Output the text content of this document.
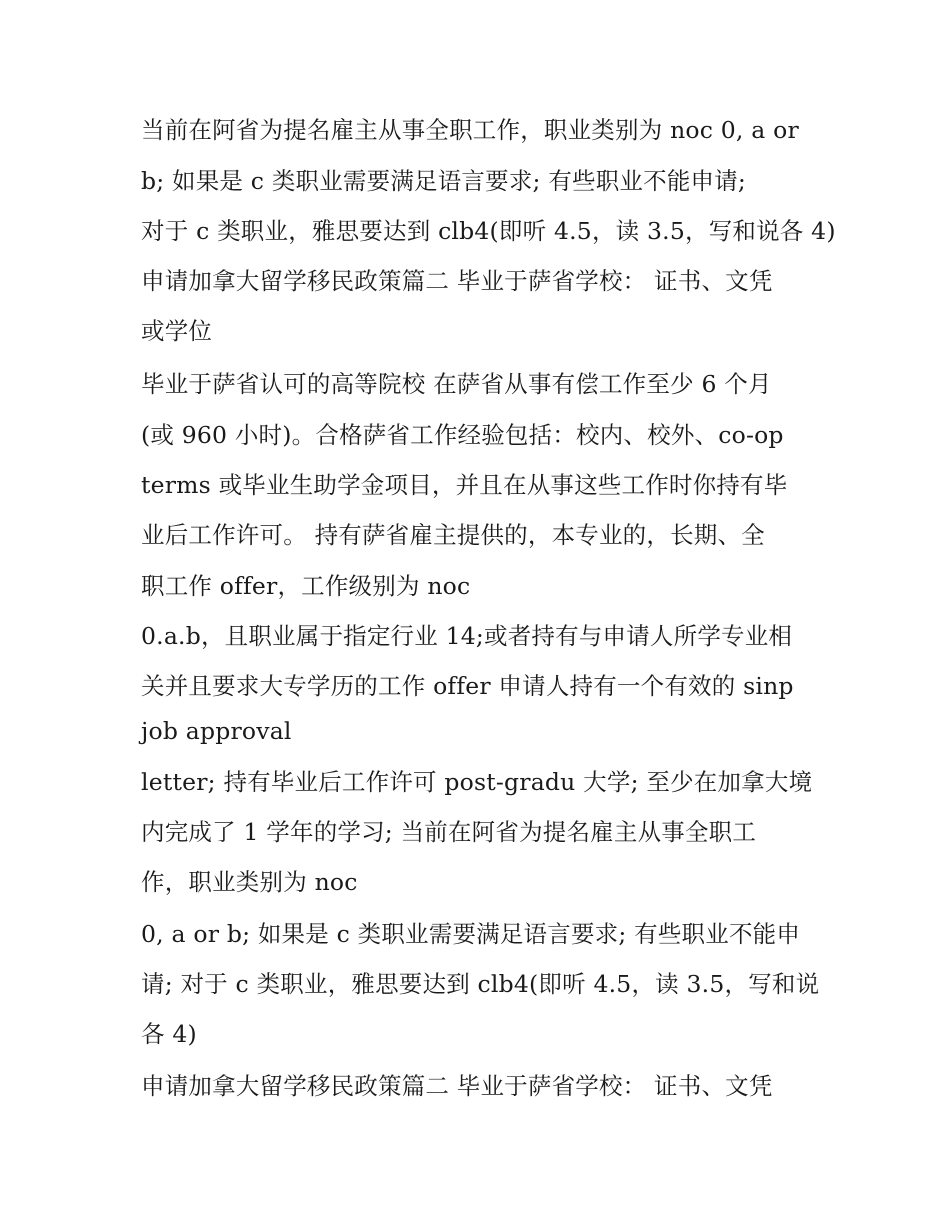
当前在阿省为提名雇主从事全职工作，职业类别为 noc 0, a or
b; 如果是 c 类职业需要满足语言要求; 有些职业不能申请;
对于 c 类职业，雅思要达到 clb4(即听 4.5，读 3.5，写和说各 4)
申请加拿大留学移民政策篇二 毕业于萨省学校： 证书、文凭
或学位
毕业于萨省认可的高等院校 在萨省从事有偿工作至少 6 个月
(或 960 小时)。合格萨省工作经验包括：校内、校外、co-op
terms 或毕业生助学金项目，并且在从事这些工作时你持有毕
业后工作许可。 持有萨省雇主提供的，本专业的，长期、全
职工作 offer，工作级别为 noc
0.a.b，且职业属于指定行业 14;或者持有与申请人所学专业相
关并且要求大专学历的工作 offer 申请人持有一个有效的 sinp
job approval
letter; 持有毕业后工作许可 post-gradu 大学; 至少在加拿大境
内完成了 1 学年的学习; 当前在阿省为提名雇主从事全职工
作，职业类别为 noc
0, a or b; 如果是 c 类职业需要满足语言要求; 有些职业不能申
请; 对于 c 类职业，雅思要达到 clb4(即听 4.5，读 3.5，写和说
各 4)
申请加拿大留学移民政策篇二 毕业于萨省学校： 证书、文凭
